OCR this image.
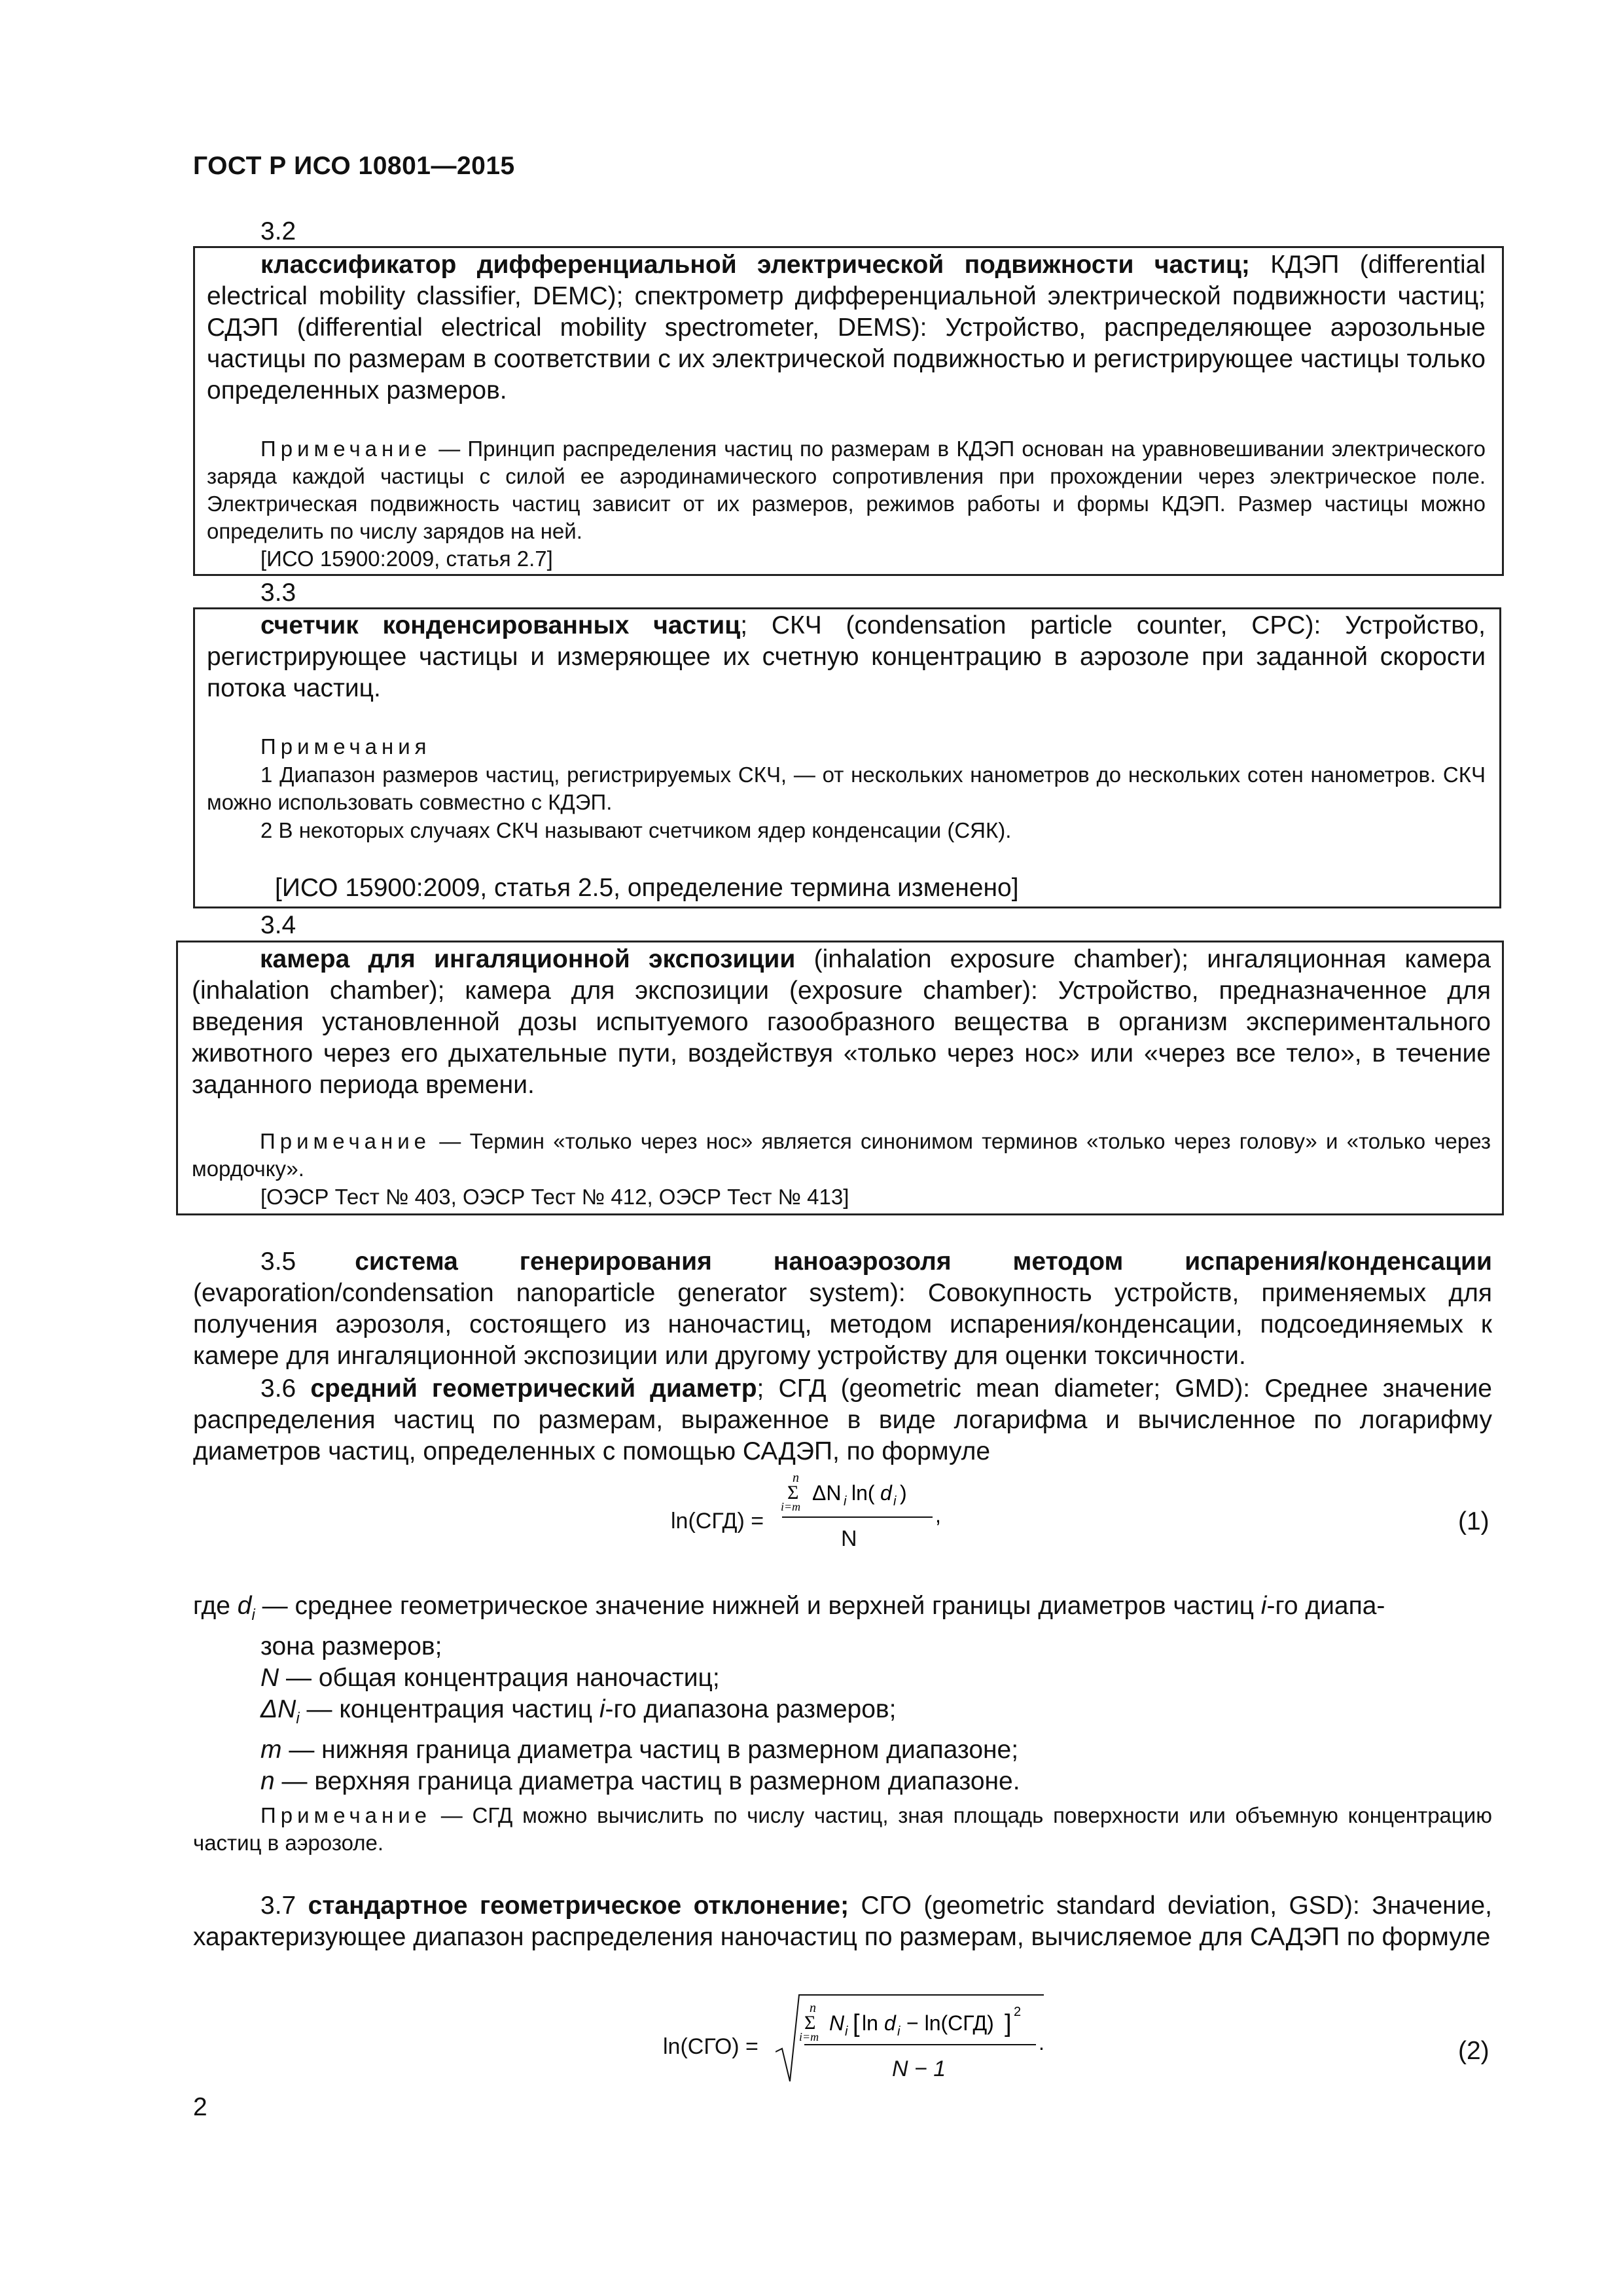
ГОСТ Р ИСО 10801—2015
3.2
классификатор дифференциальной электрической подвижности частиц; КДЭП (differential electrical mobility classifier, DEMC); спектрометр дифференциальной электрической подвижности частиц; СДЭП (differential electrical mobility spectrometer, DEMS): Устройство, распределяющее аэрозольные частицы по размерам в соответствии с их электрической подвижностью и регистрирующее частицы только определенных размеров.
Примечание — Принцип распределения частиц по размерам в КДЭП основан на уравновешивании электрического заряда каждой частицы с силой ее аэродинамического сопротивления при прохождении через электрическое поле. Электрическая подвижность частиц зависит от их размеров, режимов работы и формы КДЭП. Размер частицы можно определить по числу зарядов на ней.
[ИСО 15900:2009, статья 2.7]
3.3
счетчик конденсированных частиц; СКЧ (condensation particle counter, CPC): Устройство, регистрирующее частицы и измеряющее их счетную концентрацию в аэрозоле при заданной скорости потока частиц.
Примечания
1 Диапазон размеров частиц, регистрируемых СКЧ, — от нескольких нанометров до нескольких сотен нанометров. СКЧ можно использовать совместно с КДЭП.
2 В некоторых случаях СКЧ называют счетчиком ядер конденсации (СЯК).
[ИСО 15900:2009, статья 2.5, определение термина изменено]
3.4
камера для ингаляционной экспозиции (inhalation exposure chamber); ингаляционная камера (inhalation chamber); камера для экспозиции (exposure chamber): Устройство, предназначенное для введения установленной дозы испытуемого газообразного вещества в организм экспериментального животного через его дыхательные пути, воздействуя «только через нос» или «через все тело», в течение заданного периода времени.
Примечание — Термин «только через нос» является синонимом терминов «только через голову» и «только через мордочку».
[ОЭСР Тест № 403, ОЭСР Тест № 412, ОЭСР Тест № 413]
3.5 система генерирования наноаэрозоля методом испарения/конденсации (evaporation/condensation nanoparticle generator system): Совокупность устройств, применяемых для получения аэрозоля, состоящего из наночастиц, методом испарения/конденсации, подсоединяемых к камере для ингаляционной экспозиции или другому устройству для оценки токсичности.
3.6 средний геометрический диаметр; СГД (geometric mean diameter; GMD): Среднее значение распределения частиц по размерам, выраженное в виде логарифма и вычисленное по логарифму диаметров частиц, определенных с помощью САДЭП, по формуле
ln(СГД) =
n
Σ
i=m
ΔN i ln( d i )
,
N
(1)
где $d_i$ — среднее геометрическое значение нижней и верхней границы диаметров частиц i-го диапа-
зона размеров;
N — общая концентрация наночастиц;
$\Delta N_i$ — концентрация частиц i-го диапазона размеров;
m — нижняя граница диаметра частиц в размерном диапазоне;
n — верхняя граница диаметра частиц в размерном диапазоне.
Примечание — СГД можно вычислить по числу частиц, зная площадь поверхности или объемную концентрацию частиц в аэрозоле.
3.7 стандартное геометрическое отклонение; СГО (geometric standard deviation, GSD): Значение, характеризующее диапазон распределения наночастиц по размерам, вычисляемое для САДЭП по формуле
ln(СГО) =
n
Σ
i=m
N i [ ln d i − ln(СГД) ] 2
.
N − 1
(2)
2
